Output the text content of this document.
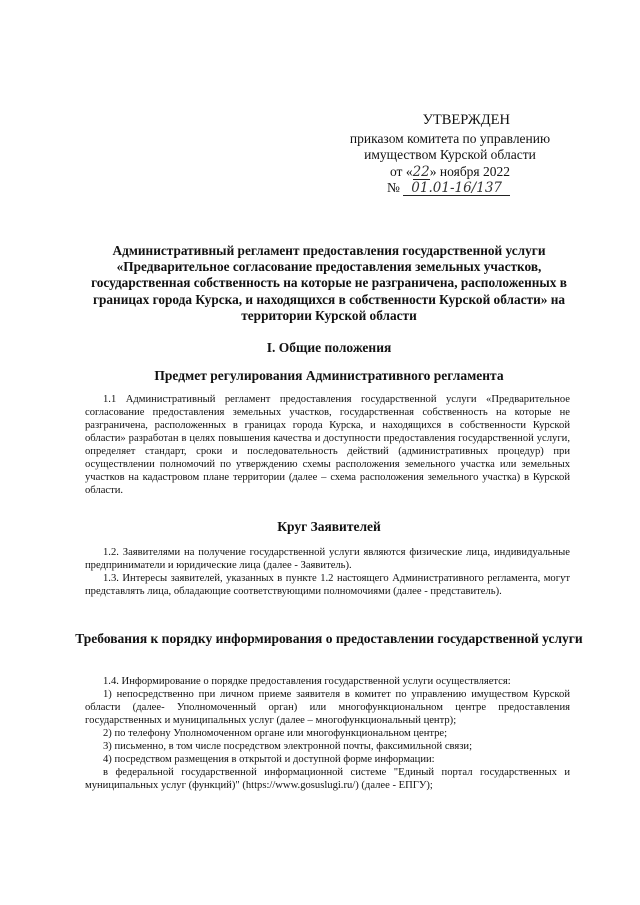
УТВЕРЖДЕН
приказом комитета по управлению
имуществом Курской области
от «22» ноября 2022
№ 01.01-16/137
Административный регламент предоставления государственной услуги «Предварительное согласование предоставления земельных участков, государственная собственность на которые не разграничена, расположенных в границах города Курска, и находящихся в собственности Курской области» на территории Курской области
I. Общие положения
Предмет регулирования Административного регламента

1.1 Административный регламент предоставления государственной услуги «Предварительное согласование предоставления земельных участков, государственная собственность на которые не разграничена, расположенных в границах города Курска, и находящихся в собственности Курской области» разработан в целях повышения качества и доступности предоставления государственной услуги, определяет стандарт, сроки и последовательность действий (административных процедур) при осуществлении полномочий по утверждению схемы расположения земельного участка или земельных участков на кадастровом плане территории (далее – схема расположения земельного участка) в Курской области.

Круг Заявителей

1.2. Заявителями на получение государственной услуги являются физические лица, индивидуальные предприниматели и юридические лица (далее - Заявитель).

1.3. Интересы заявителей, указанных в пункте 1.2 настоящего Административного регламента, могут представлять лица, обладающие соответствующими полномочиями (далее - представитель).

Требования к порядку информирования о предоставлении государственной услуги

1.4. Информирование о порядке предоставления государственной услуги осуществляется:

1) непосредственно при личном приеме заявителя в комитет по управлению имуществом Курской области (далее- Уполномоченный орган) или многофункциональном центре предоставления государственных и муниципальных услуг (далее – многофункциональный центр);

2) по телефону Уполномоченном органе или многофункциональном центре;

3) письменно, в том числе посредством электронной почты, факсимильной связи;

4) посредством размещения в открытой и доступной форме информации:

в федеральной государственной информационной системе "Единый портал государственных и муниципальных услуг (функций)" (https://www.gosuslugi.ru/) (далее - ЕПГУ);
